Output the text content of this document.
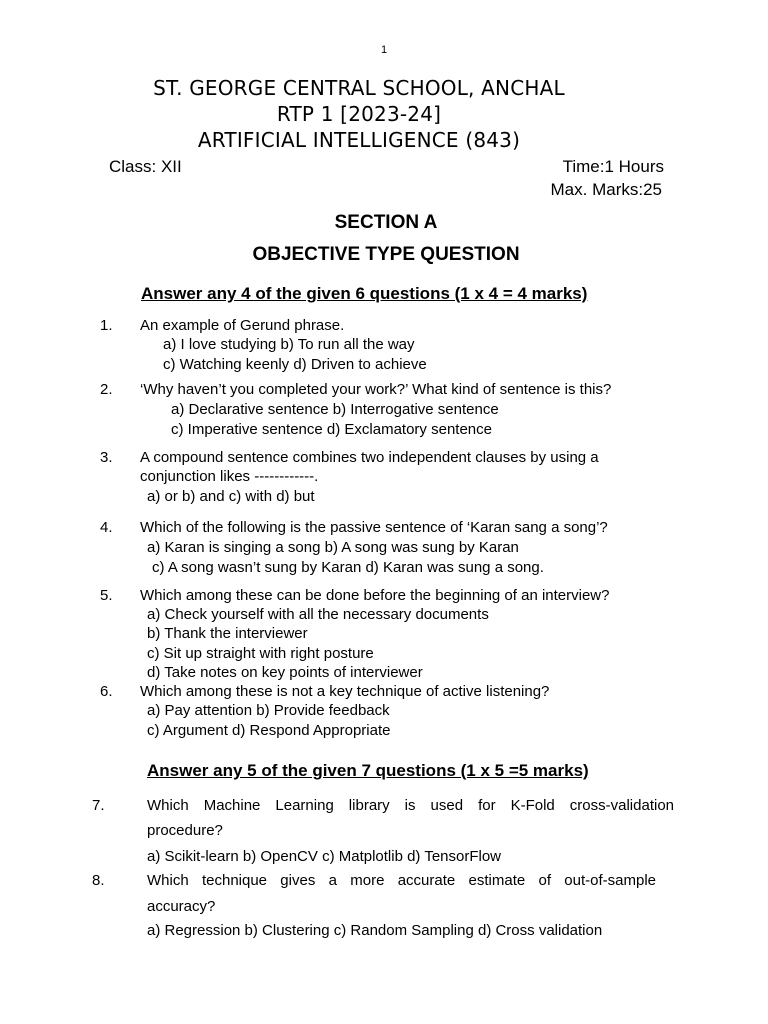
1
ST. GEORGE CENTRAL SCHOOL, ANCHAL
RTP 1 [2023-24]
ARTIFICIAL INTELLIGENCE (843)
Class: XII	Time:1 Hours
Max. Marks:25
SECTION A
OBJECTIVE TYPE QUESTION
Answer any 4 of the given 6 questions (1 x 4 = 4 marks)
1. An example of Gerund phrase.
a) I love studying b) To run all the way
c) Watching keenly d) Driven to achieve
2. ‘Why haven’t you completed your work?’ What kind of sentence is this?
a) Declarative sentence b) Interrogative sentence
c) Imperative sentence d) Exclamatory sentence
3. A compound sentence combines two independent clauses by using a
conjunction likes ------------.
a) or b) and c) with d) but
4. Which of the following is the passive sentence of ‘Karan sang a song’?
a) Karan is singing a song b) A song was sung by Karan
c) A song wasn’t sung by Karan d) Karan was sung a song.
5. Which among these can be done before the beginning of an interview?
a) Check yourself with all the necessary documents
b) Thank the interviewer
c) Sit up straight with right posture
d) Take notes on key points of interviewer
6. Which among these is not a key technique of active listening?
a) Pay attention b) Provide feedback
c) Argument d) Respond Appropriate
Answer any 5 of the given 7 questions (1 x 5 =5 marks)
7.	Which Machine Learning library is used for K-Fold cross-validation
procedure?
a) Scikit-learn b) OpenCV c) Matplotlib d) TensorFlow
8.	Which technique gives a more accurate estimate of out-of-sample
accuracy?
a) Regression b) Clustering c) Random Sampling d) Cross validation
